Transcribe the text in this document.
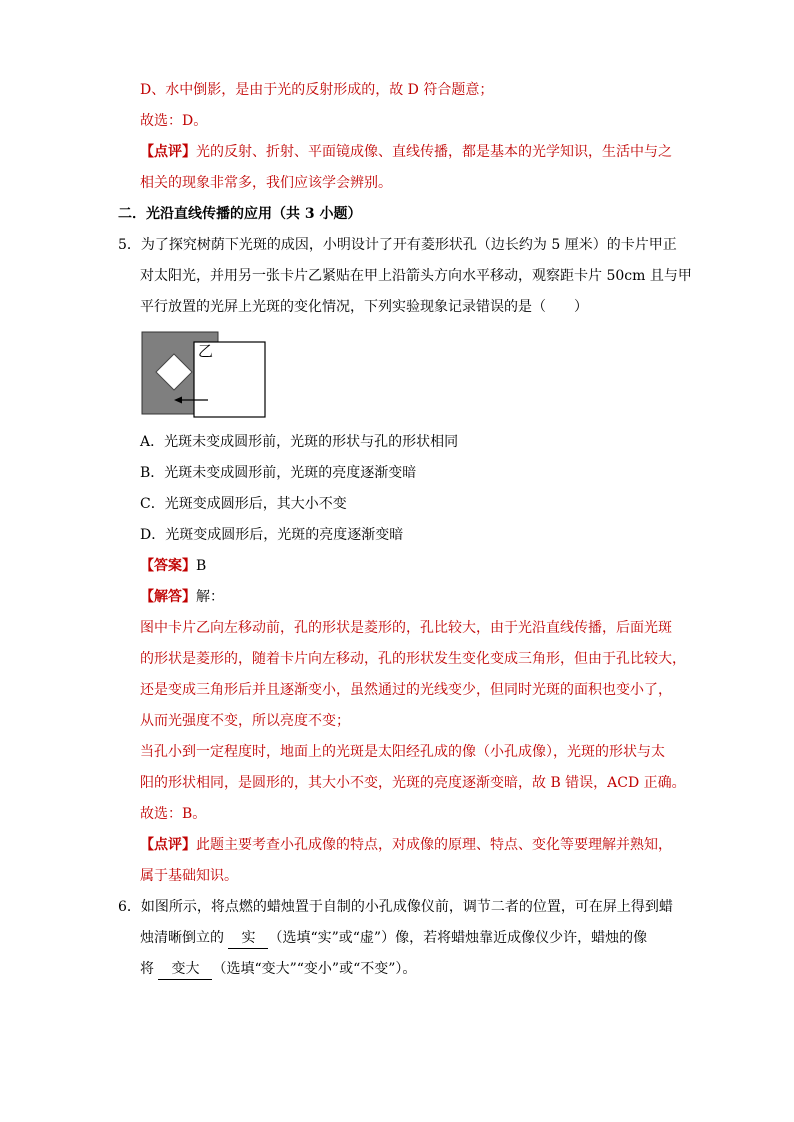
D、水中倒影，是由于光的反射形成的，故 D 符合题意；
故选：D。
【点评】光的反射、折射、平面镜成像、直线传播，都是基本的光学知识，生活中与之
相关的现象非常多，我们应该学会辨别。
二．光沿直线传播的应用（共 3 小题）
5．为了探究树荫下光斑的成因，小明设计了开有菱形状孔（边长约为 5 厘米）的卡片甲正
对太阳光，并用另一张卡片乙紧贴在甲上沿箭头方向水平移动，观察距卡片 50cm 且与甲
平行放置的光屏上光斑的变化情况，下列实验现象记录错误的是（　　）
乙
A．光斑未变成圆形前，光斑的形状与孔的形状相同
B．光斑未变成圆形前，光斑的亮度逐渐变暗
C．光斑变成圆形后，其大小不变
D．光斑变成圆形后，光斑的亮度逐渐变暗
【答案】B
【解答】解：
图中卡片乙向左移动前，孔的形状是菱形的，孔比较大，由于光沿直线传播，后面光斑
的形状是菱形的，随着卡片向左移动，孔的形状发生变化变成三角形，但由于孔比较大，
还是变成三角形后并且逐渐变小，虽然通过的光线变少，但同时光斑的面积也变小了，
从而光强度不变，所以亮度不变；
当孔小到一定程度时，地面上的光斑是太阳经孔成的像（小孔成像），光斑的形状与太
阳的形状相同，是圆形的，其大小不变，光斑的亮度逐渐变暗，故 B 错误，ACD 正确。
故选：B。
【点评】此题主要考查小孔成像的特点，对成像的原理、特点、变化等要理解并熟知，
属于基础知识。
6．如图所示，将点燃的蜡烛置于自制的小孔成像仪前，调节二者的位置，可在屏上得到蜡
烛清晰倒立的 实 （选填“实”或“虚”）像，若将蜡烛靠近成像仪少许，蜡烛的像
将 变大 （选填“变大”“变小”或“不变”）。
